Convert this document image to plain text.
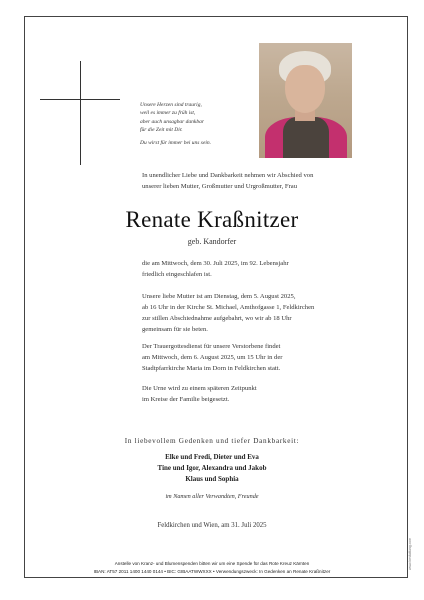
Unsere Herzen sind traurig,
weil es immer zu früh ist,
aber auch unsagbar dankbar
für die Zeit mit Dir.
Du wirst für immer bei uns sein.
In unendlicher Liebe und Dankbarkeit nehmen wir Abschied von
unserer lieben Mutter, Großmutter und Urgroßmutter, Frau
Renate Kraßnitzer
geb. Kandorfer
die am Mittwoch, dem 30. Juli 2025, im 92. Lebensjahr
friedlich eingeschlafen ist.
Unsere liebe Mutter ist am Dienstag, dem 5. August 2025,
ab 16 Uhr in der Kirche St. Michael, Amthofgasse 1, Feldkirchen
zur stillen Abschiednahme aufgebahrt, wo wir ab 18 Uhr
gemeinsam für sie beten.
Der Trauergottesdienst für unsere Verstorbene findet
am Mittwoch, dem 6. August 2025, um 15 Uhr in der
Stadtpfarrkirche Maria im Dorn in Feldkirchen statt.
Die Urne wird zu einem späteren Zeitpunkt
im Kreise der Familie beigesetzt.
In liebevollem Gedenken und tiefer Dankbarkeit:
Elke und Fredi, Dieter und Eva
Tine und Igor, Alexandra und Jakob
Klaus und Sophia
im Namen aller Verwandten, Freunde
Feldkirchen und Wien, am 31. Juli 2025
Anstelle von Kranz- und Blumenspenden bitten wir um eine Spende für das Rote Kreuz Kärnten
IBAN: AT57 2011 1400 1440 0144 • BIC: GIBAATWWXXX • Verwendungszweck: In Gedenken an Renate Kraßnitzer
www.bestattung.com
